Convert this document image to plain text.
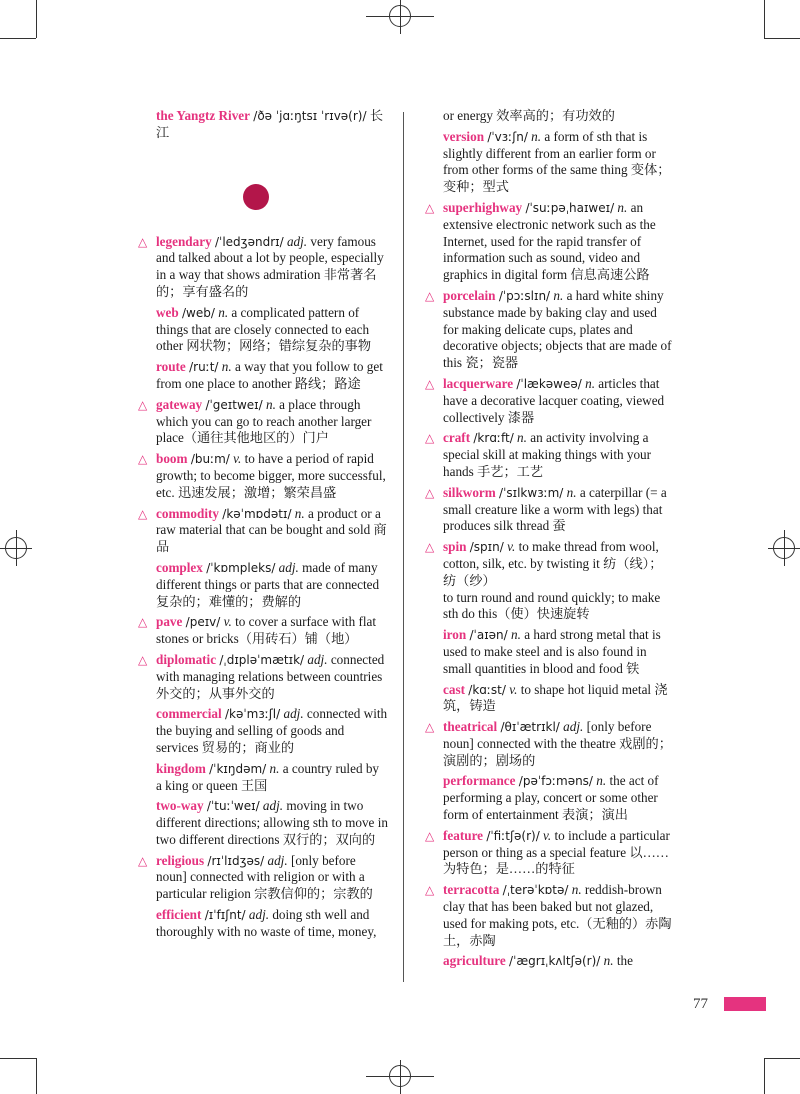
the Yangtz River /ðə ˈjɑːŋtsɪ ˈrɪvə(r)/ 长江
△ legendary /ˈledʒəndrɪ/ adj. very famous and talked about a lot by people, especially in a way that shows admiration 非常著名的；享有盛名的
web /web/ n. a complicated pattern of things that are closely connected to each other 网状物；网络；错综复杂的事物
route /ruːt/ n. a way that you follow to get from one place to another 路线；路途
△ gateway /ˈgeɪtweɪ/ n. a place through which you can go to reach another larger place（通往其他地区的）门户
△ boom /buːm/ v. to have a period of rapid growth; to become bigger, more successful, etc. 迅速发展；激增；繁荣昌盛
△ commodity /kəˈmɒdətɪ/ n. a product or a raw material that can be bought and sold 商品
complex /ˈkɒmpleks/ adj. made of many different things or parts that are connected 复杂的；难懂的；费解的
△ pave /peɪv/ v. to cover a surface with flat stones or bricks（用砖石）铺（地）
△ diplomatic /ˌdɪpləˈmætɪk/ adj. connected with managing relations between countries 外交的；从事外交的
commercial /kəˈmɜːʃl/ adj. connected with the buying and selling of goods and services 贸易的；商业的
kingdom /ˈkɪŋdəm/ n. a country ruled by a king or queen 王国
two-way /ˈtuːˈweɪ/ adj. moving in two different directions; allowing sth to move in two different directions 双行的；双向的
△ religious /rɪˈlɪdʒəs/ adj. [only before noun] connected with religion or with a particular religion 宗教信仰的；宗教的
efficient /ɪˈfɪʃnt/ adj. doing sth well and thoroughly with no waste of time, money,
or energy 效率高的；有功效的
version /ˈvɜːʃn/ n. a form of sth that is slightly different from an earlier form or from other forms of the same thing 变体；变种；型式
△ superhighway /ˈsuːpəˌhaɪweɪ/ n. an extensive electronic network such as the Internet, used for the rapid transfer of information such as sound, video and graphics in digital form 信息高速公路
△ porcelain /ˈpɔːslɪn/ n. a hard white shiny substance made by baking clay and used for making delicate cups, plates and decorative objects; objects that are made of this 瓷；瓷器
△ lacquerware /ˈlækəweə/ n. articles that have a decorative lacquer coating, viewed collectively 漆器
△ craft /krɑːft/ n. an activity involving a special skill at making things with your hands 手艺；工艺
△ silkworm /ˈsɪlkwɜːm/ n. a caterpillar (= a small creature like a worm with legs) that produces silk thread 蚕
△ spin /spɪn/ v. to make thread from wool, cotton, silk, etc. by twisting it 纺（线）；纺（纱）
to turn round and round quickly; to make sth do this（使）快速旋转
iron /ˈaɪən/ n. a hard strong metal that is used to make steel and is also found in small quantities in blood and food 铁
cast /kɑːst/ v. to shape hot liquid metal 浇筑，铸造
△ theatrical /θɪˈætrɪkl/ adj. [only before noun] connected with the theatre 戏剧的；演剧的；剧场的
performance /pəˈfɔːməns/ n. the act of performing a play, concert or some other form of entertainment 表演；演出
△ feature /ˈfiːtʃə(r)/ v. to include a particular person or thing as a special feature 以……为特色；是……的特征
△ terracotta /ˌterəˈkɒtə/ n. reddish-brown clay that has been baked but not glazed, used for making pots, etc.（无釉的）赤陶土，赤陶
agriculture /ˈægrɪˌkʌltʃə(r)/ n. the
77
